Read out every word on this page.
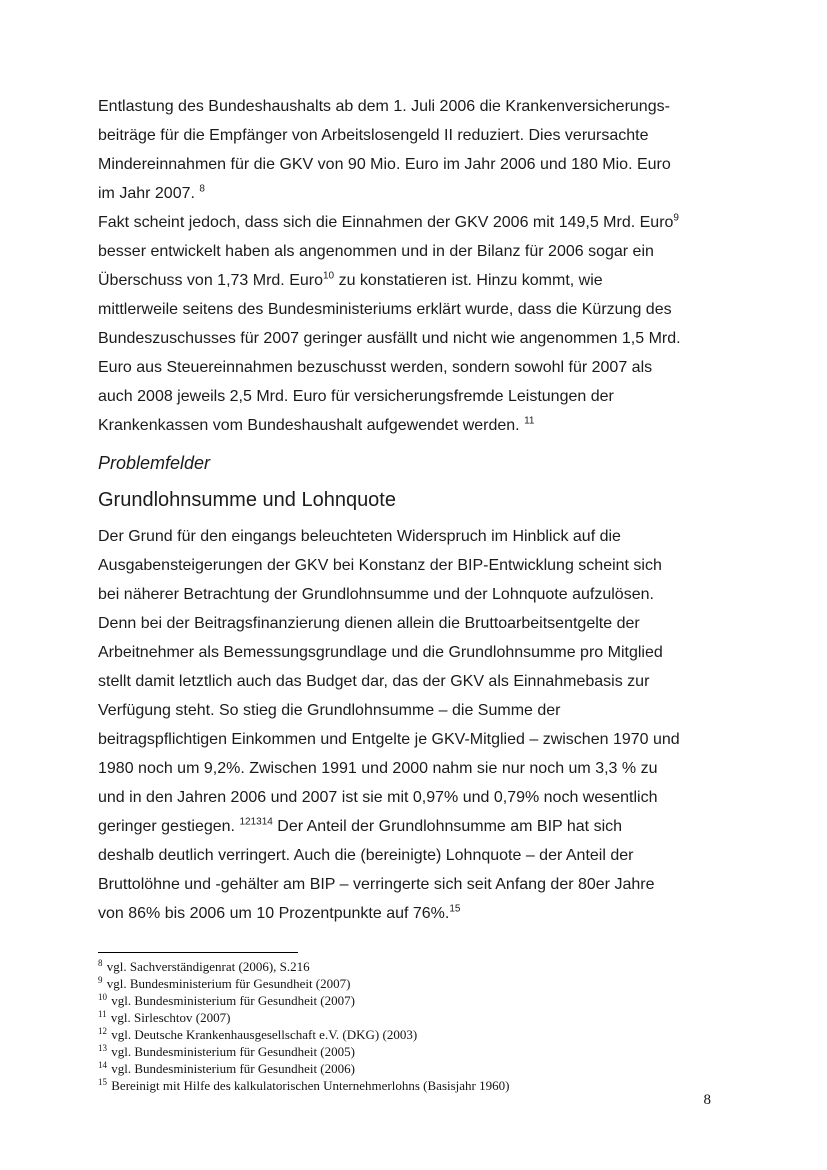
Entlastung des Bundeshaushalts ab dem 1. Juli 2006 die Krankenversicherungs-
beiträge für die Empfänger von Arbeitslosengeld II reduziert. Dies verursachte
Mindereinnahmen für die GKV von 90 Mio. Euro im Jahr 2006 und 180 Mio. Euro
im Jahr 2007. $^8$

Fakt scheint jedoch, dass sich die Einnahmen der GKV 2006 mit 149,5 Mrd. Euro$^9$
besser entwickelt haben als angenommen und in der Bilanz für 2006 sogar ein
Überschuss von 1,73 Mrd. Euro$^{10}$ zu konstatieren ist. Hinzu kommt, wie
mittlerweile seitens des Bundesministeriums erklärt wurde, dass die Kürzung des
Bundeszuschusses für 2007 geringer ausfällt und nicht wie angenommen 1,5 Mrd.
Euro aus Steuereinnahmen bezuschusst werden, sondern sowohl für 2007 als
auch 2008 jeweils 2,5 Mrd. Euro für versicherungsfremde Leistungen der
Krankenkassen vom Bundeshaushalt aufgewendet werden. $^{11}$

Problemfelder
Grundlohnsumme und Lohnquote

Der Grund für den eingangs beleuchteten Widerspruch im Hinblick auf die
Ausgabensteigerungen der GKV bei Konstanz der BIP-Entwicklung scheint sich
bei näherer Betrachtung der Grundlohnsumme und der Lohnquote aufzulösen.
Denn bei der Beitragsfinanzierung dienen allein die Bruttoarbeitsentgelte der
Arbeitnehmer als Bemessungsgrundlage und die Grundlohnsumme pro Mitglied
stellt damit letztlich auch das Budget dar, das der GKV als Einnahmebasis zur
Verfügung steht. So stieg die Grundlohnsumme – die Summe der
beitragspflichtigen Einkommen und Entgelte je GKV-Mitglied – zwischen 1970 und
1980 noch um 9,2%. Zwischen 1991 und 2000 nahm sie nur noch um 3,3 % zu
und in den Jahren 2006 und 2007 ist sie mit 0,97% und 0,79% noch wesentlich
geringer gestiegen. $^{121314}$ Der Anteil der Grundlohnsumme am BIP hat sich
deshalb deutlich verringert. Auch die (bereinigte) Lohnquote – der Anteil der
Bruttolöhne und -gehälter am BIP – verringerte sich seit Anfang der 80er Jahre
von 86% bis 2006 um 10 Prozentpunkte auf 76%.$^{15}$

$^8$ vgl. Sachverständigenrat (2006), S.216
$^9$ vgl. Bundesministerium für Gesundheit (2007)
$^{10}$ vgl. Bundesministerium für Gesundheit (2007)
$^{11}$ vgl. Sirleschtov (2007)
$^{12}$ vgl. Deutsche Krankenhausgesellschaft e.V. (DKG) (2003)
$^{13}$ vgl. Bundesministerium für Gesundheit (2005)
$^{14}$ vgl. Bundesministerium für Gesundheit (2006)
$^{15}$ Bereinigt mit Hilfe des kalkulatorischen Unternehmerlohns (Basisjahr 1960)
8
